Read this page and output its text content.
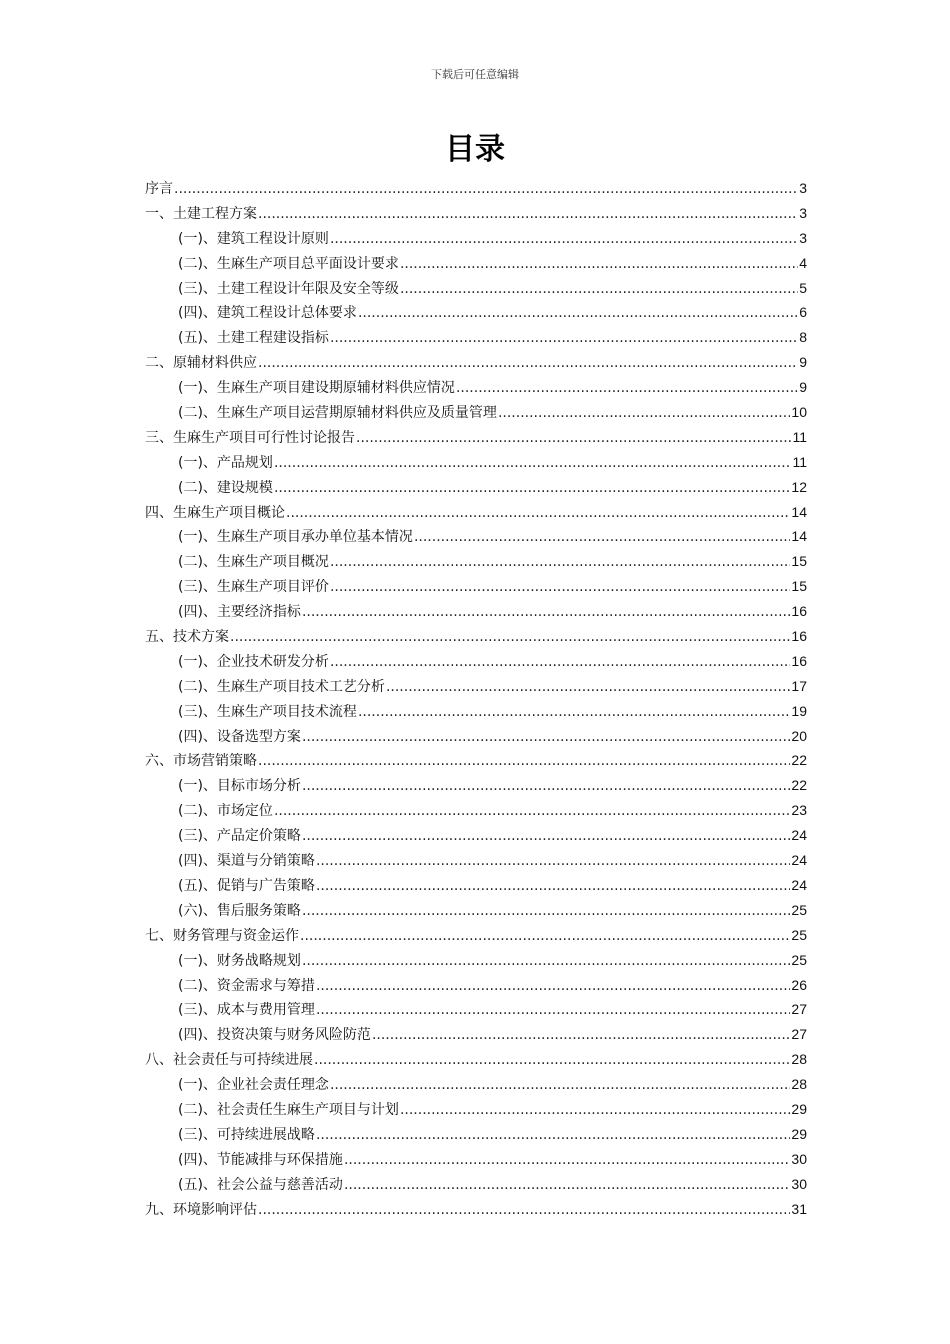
下载后可任意编辑
目录
序言 .....	3
一、土建工程方案 .....	3
(一)、建筑工程设计原则 .....	3
(二)、生麻生产项目总平面设计要求 .....	4
(三)、土建工程设计年限及安全等级 .....	5
(四)、建筑工程设计总体要求 .....	6
(五)、土建工程建设指标 .....	8
二、原辅材料供应 .....	9
(一)、生麻生产项目建设期原辅材料供应情况 .....	9
(二)、生麻生产项目运营期原辅材料供应及质量管理 .....	10
三、生麻生产项目可行性讨论报告 .....	11
(一)、产品规划 .....	11
(二)、建设规模 .....	12
四、生麻生产项目概论 .....	14
(一)、生麻生产项目承办单位基本情况 .....	14
(二)、生麻生产项目概况 .....	15
(三)、生麻生产项目评价 .....	15
(四)、主要经济指标 .....	16
五、技术方案 .....	16
(一)、企业技术研发分析 .....	16
(二)、生麻生产项目技术工艺分析 .....	17
(三)、生麻生产项目技术流程 .....	19
(四)、设备选型方案 .....	20
六、市场营销策略 .....	22
(一)、目标市场分析 .....	22
(二)、市场定位 .....	23
(三)、产品定价策略 .....	24
(四)、渠道与分销策略 .....	24
(五)、促销与广告策略 .....	24
(六)、售后服务策略 .....	25
七、财务管理与资金运作 .....	25
(一)、财务战略规划 .....	25
(二)、资金需求与筹措 .....	26
(三)、成本与费用管理 .....	27
(四)、投资决策与财务风险防范 .....	27
八、社会责任与可持续进展 .....	28
(一)、企业社会责任理念 .....	28
(二)、社会责任生麻生产项目与计划 .....	29
(三)、可持续进展战略 .....	29
(四)、节能减排与环保措施 .....	30
(五)、社会公益与慈善活动 .....	30
九、环境影响评估 .....	31
